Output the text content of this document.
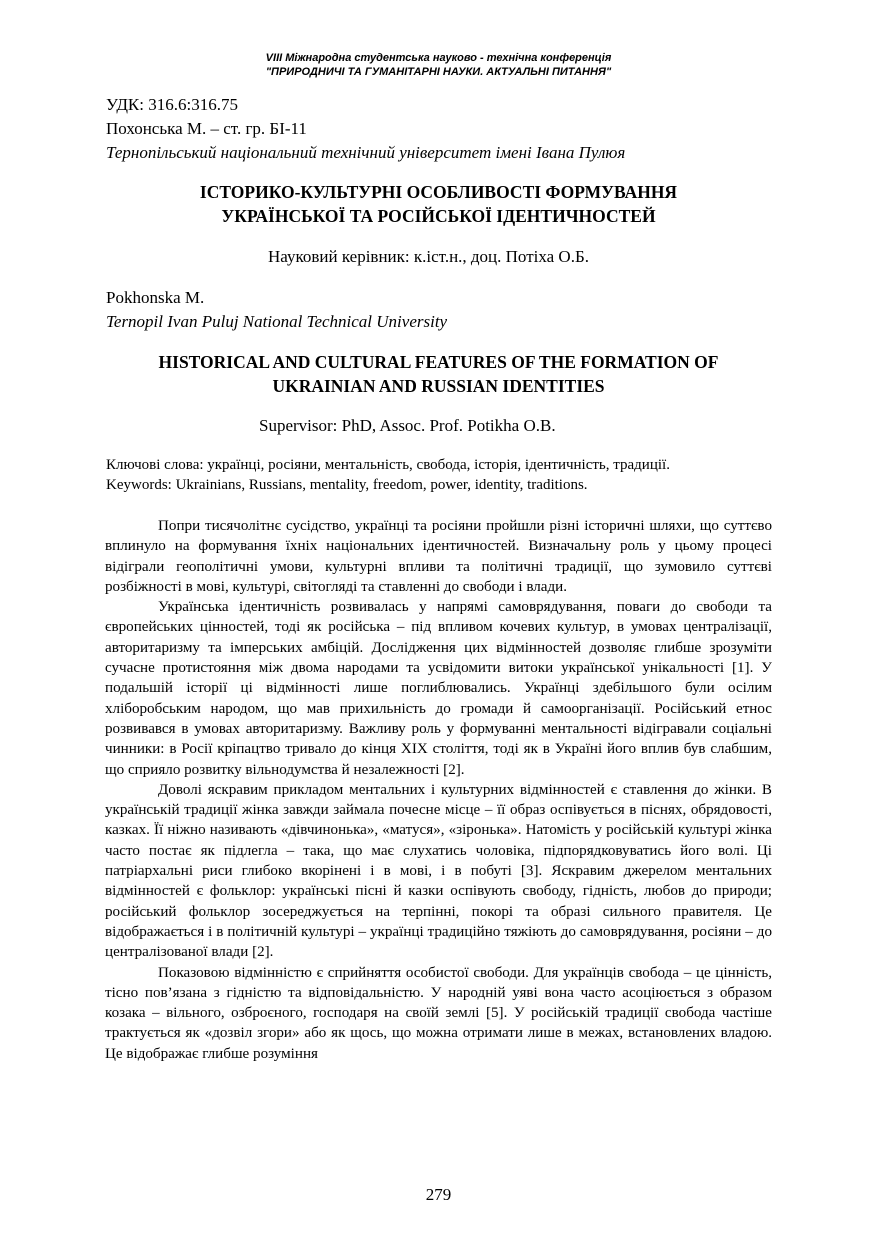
VIII Міжнародна студентська науково - технічна конференція
"ПРИРОДНИЧІ ТА ГУМАНІТАРНІ НАУКИ. АКТУАЛЬНІ ПИТАННЯ"
УДК: 316.6:316.75
Похонська М. – ст. гр. БІ-11
Тернопільський національний технічний університет імені Івана Пулюя
ІСТОРИКО-КУЛЬТУРНІ ОСОБЛИВОСТІ ФОРМУВАННЯ
УКРАЇНСЬКОЇ ТА РОСІЙСЬКОЇ ІДЕНТИЧНОСТЕЙ
Науковий керівник: к.іст.н., доц. Потіха О.Б.
Pokhonska M.
Ternopil Ivan Puluj National Technical University
HISTORICAL AND CULTURAL FEATURES OF THE FORMATION OF
UKRAINIAN AND RUSSIAN IDENTITIES
Supervisor: PhD, Assoc. Prof. Potikha O.B.
Ключові слова: українці, росіяни, ментальність, свобода, історія, ідентичність, традиції.
Keywords: Ukrainians, Russians, mentality, freedom, power, identity, traditions.

Попри тисячолітнє сусідство, українці та росіяни пройшли різні історичні шляхи, що суттєво вплинуло на формування їхніх національних ідентичностей. Визначальну роль у цьому процесі відіграли геополітичні умови, культурні впливи та політичні традиції, що зумовило суттєві розбіжності в мові, культурі, світогляді та ставленні до свободи і влади.

Українська ідентичність розвивалась у напрямі самоврядування, поваги до свободи та європейських цінностей, тоді як російська – під впливом кочевих культур, в умовах централізації, авторитаризму та імперських амбіцій. Дослідження цих відмінностей дозволяє глибше зрозуміти сучасне протистояння між двома народами та усвідомити витоки української унікальності [1]. У подальшій історії ці відмінності лише поглиблювались. Українці здебільшого були осілим хліборобським народом, що мав прихильність до громади й самоорганізації. Російський етнос розвивався в умовах авторитаризму. Важливу роль у формуванні ментальності відігравали соціальні чинники: в Росії кріпацтво тривало до кінця XIX століття, тоді як в Україні його вплив був слабшим, що сприяло розвитку вільнодумства й незалежності [2].

Доволі яскравим прикладом ментальних і культурних відмінностей є ставлення до жінки. В українській традиції жінка завжди займала почесне місце – її образ оспівується в піснях, обрядовості, казках. Її ніжно називають «дівчинонька», «матуся», «зіронька». Натомість у російській культурі жінка часто постає як підлегла – така, що має слухатись чоловіка, підпорядковуватись його волі. Ці патріархальні риси глибоко вкорінені і в мові, і в побуті [3]. Яскравим джерелом ментальних відмінностей є фольклор: українські пісні й казки оспівують свободу, гідність, любов до природи; російський фольклор зосереджується на терпінні, покорі та образі сильного правителя. Це відображається і в політичній культурі – українці традиційно тяжіють до самоврядування, росіяни – до централізованої влади [2].

Показовою відмінністю є сприйняття особистої свободи. Для українців свобода – це цінність, тісно пов’язана з гідністю та відповідальністю. У народній уяві вона часто асоціюється з образом козака – вільного, озброєного, господаря на своїй землі [5]. У російській традиції свобода частіше трактується як «дозвіл згори» або як щось, що можна отримати лише в межах, встановлених владою. Це відображає глибше розуміння

279
